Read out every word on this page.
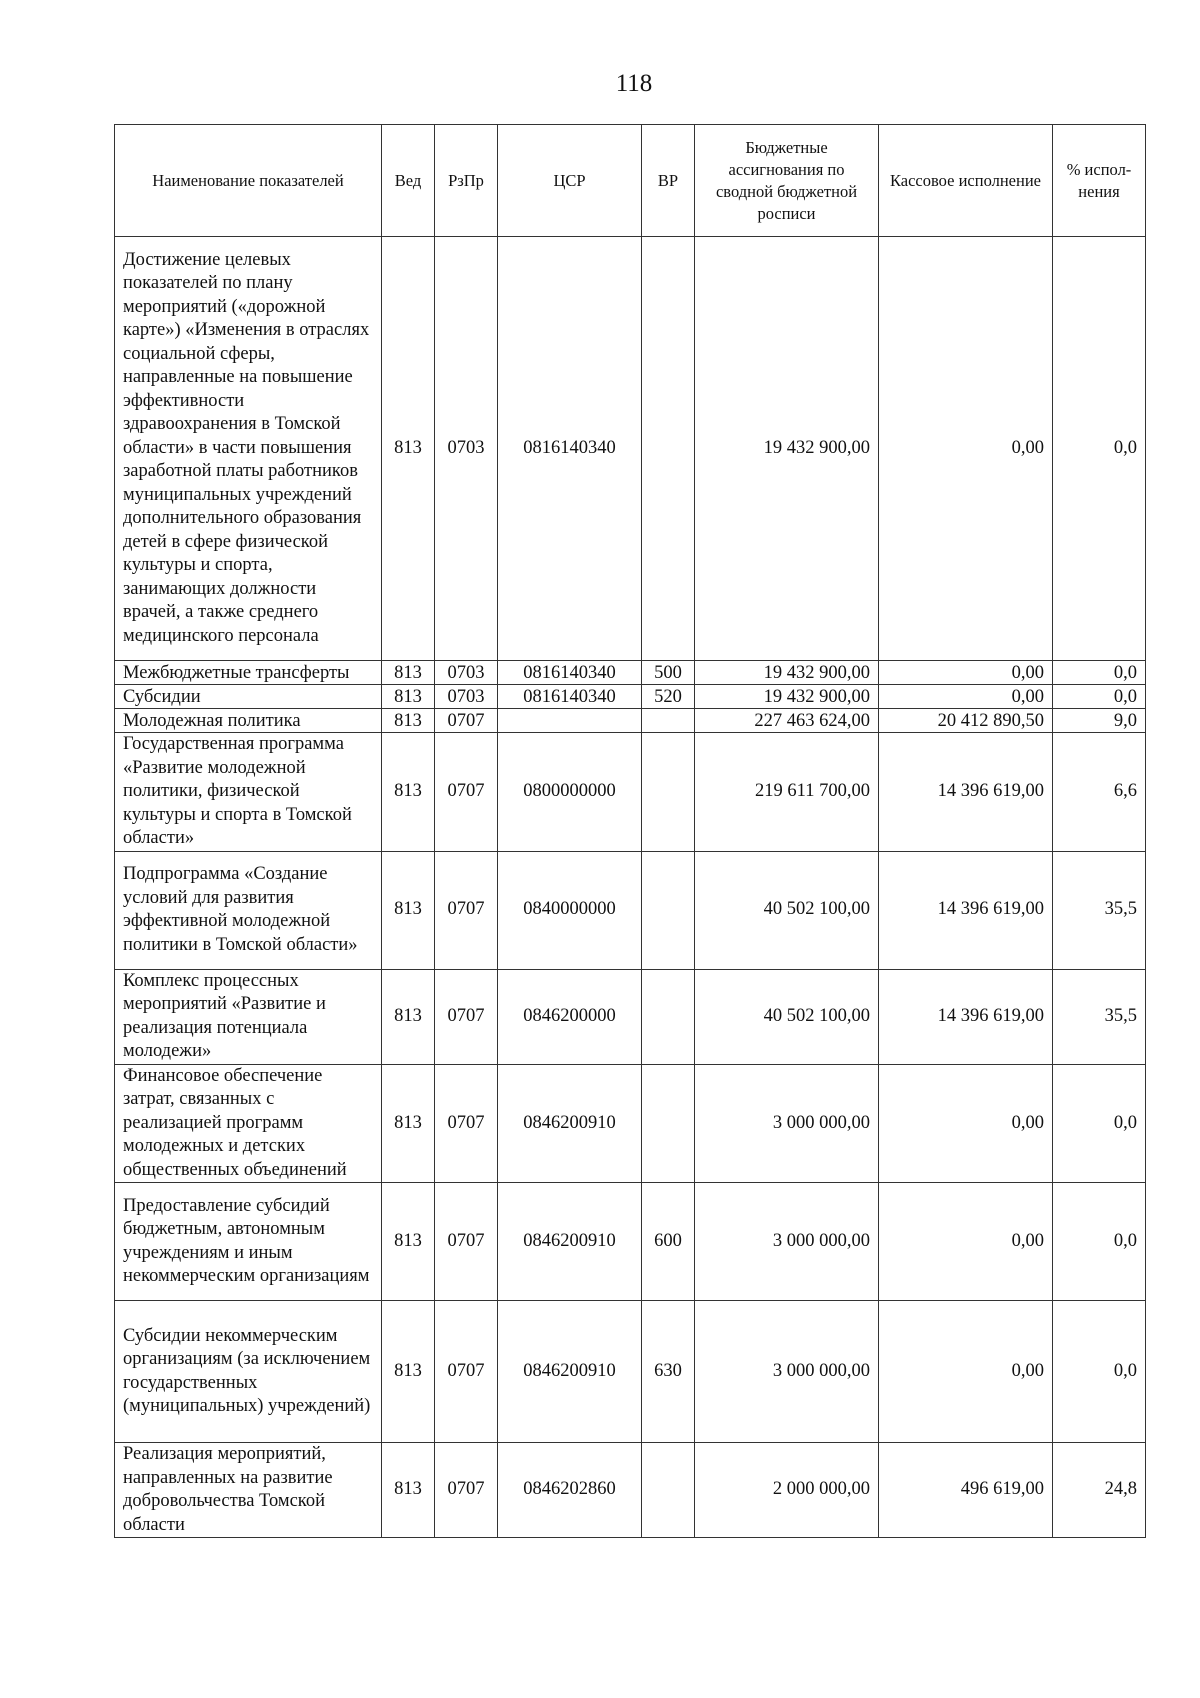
118
Наименование показателей	Вед	РзПр	ЦСР	ВР	Бюджетные ассигнования по сводной бюджетной росписи	Кассовое исполнение	% испол-нения
Достижение целевых показателей по плану мероприятий («дорожной карте») «Изменения в отраслях социальной сферы, направленные на повышение эффективности здравоохранения в Томской области» в части повышения заработной платы работников муниципальных учреждений дополнительного образования детей в сфере физической культуры и спорта, занимающих должности врачей, а также среднего медицинского персонала	813	0703	0816140340		19 432 900,00	0,00	0,0
Межбюджетные трансферты	813	0703	0816140340	500	19 432 900,00	0,00	0,0
Субсидии	813	0703	0816140340	520	19 432 900,00	0,00	0,0
Молодежная политика	813	0707			227 463 624,00	20 412 890,50	9,0
Государственная программа «Развитие молодежной политики, физической культуры и спорта в Томской области»	813	0707	0800000000		219 611 700,00	14 396 619,00	6,6
Подпрограмма «Создание условий для развития эффективной молодежной политики в Томской области»	813	0707	0840000000		40 502 100,00	14 396 619,00	35,5
Комплекс процессных мероприятий «Развитие и реализация потенциала молодежи»	813	0707	0846200000		40 502 100,00	14 396 619,00	35,5
Финансовое обеспечение затрат, связанных с реализацией программ молодежных и детских общественных объединений	813	0707	0846200910		3 000 000,00	0,00	0,0
Предоставление субсидий бюджетным, автономным учреждениям и иным некоммерческим организациям	813	0707	0846200910	600	3 000 000,00	0,00	0,0
Субсидии некоммерческим организациям (за исключением государственных (муниципальных) учреждений)	813	0707	0846200910	630	3 000 000,00	0,00	0,0
Реализация мероприятий, направленных на развитие добровольчества Томской области	813	0707	0846202860		2 000 000,00	496 619,00	24,8
